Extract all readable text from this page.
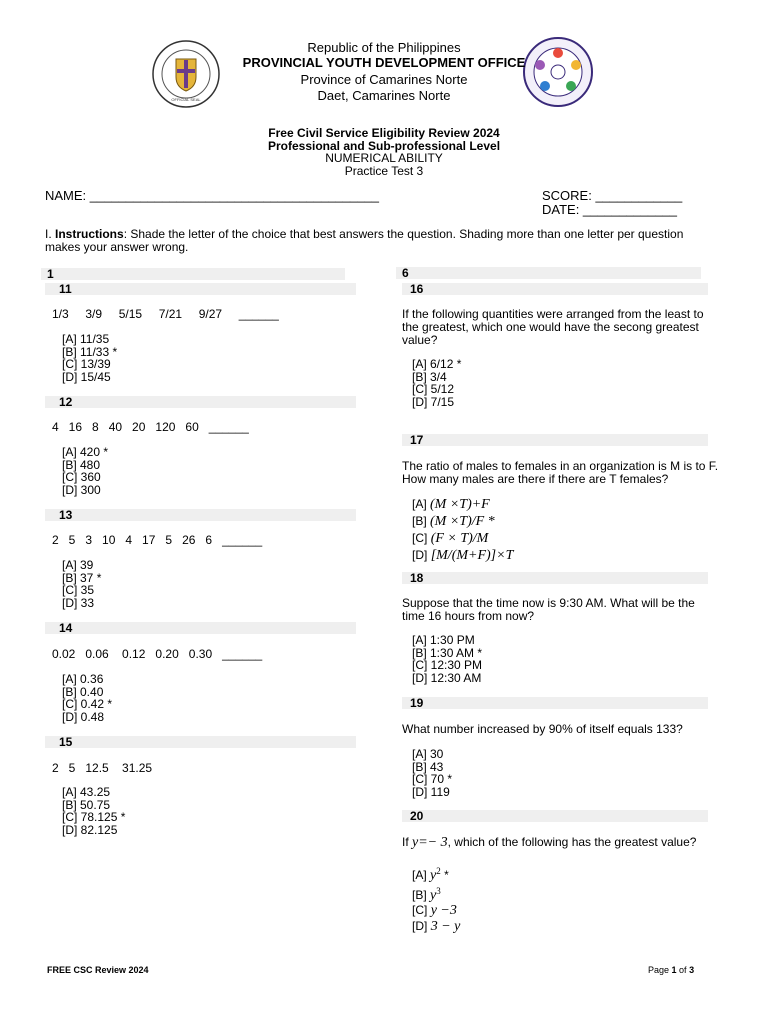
OFFICIAL SEAL
Republic of the Philippines
PROVINCIAL YOUTH DEVELOPMENT OFFICE
Province of Camarines Norte
Daet, Camarines Norte
Free Civil Service Eligibility Review 2024
Professional and Sub-professional Level
NUMERICAL ABILITY
Practice Test 3
NAME: ________________________________________	SCORE: ____________
DATE: _____________
I. Instructions: Shade the letter of the choice that best answers the question. Shading more than one letter per question
makes your answer wrong.
1	6
11
1/3     3/9     5/15     7/21     9/27     ______
[A] 11/35
[B] 11/33 *
[C] 13/39
[D] 15/45
12
4   16   8   40   20   120   60   ______
[A] 420 *
[B] 480
[C] 360
[D] 300
13
2   5   3   10   4   17   5   26   6   ______
[A] 39
[B] 37 *
[C] 35
[D] 33
14
0.02   0.06    0.12   0.20   0.30   ______
[A] 0.36
[B] 0.40
[C] 0.42 *
[D] 0.48
15
2   5   12.5    31.25
[A] 43.25
[B] 50.75
[C] 78.125 *
[D] 82.125
16
If the following quantities were arranged from the least to
the greatest, which one would have the secong greatest
value?
[A] 6/12 *
[B] 3/4
[C] 5/12
[D] 7/15
17
The ratio of males to females in an organization is M is to F.
How many males are there if there are T females?
[A] (M ×T)+F
[B] (M ×T)/F *
[C] (F × T)/M
[D] [M/(M+F)]×T
18
Suppose that the time now is 9:30 AM. What will be the
time 16 hours from now?
[A] 1:30 PM
[B] 1:30 AM *
[C] 12:30 PM
[D] 12:30 AM
19
What number increased by 90% of itself equals 133?
[A] 30
[B] 43
[C] 70 *
[D] 119
20
If y=− 3, which of the following has the greatest value?
[A] $y^2$ *
[B] $y^3$
[C] y −3
[D] 3 − y
FREE CSC Review 2024	Page 1 of 3
